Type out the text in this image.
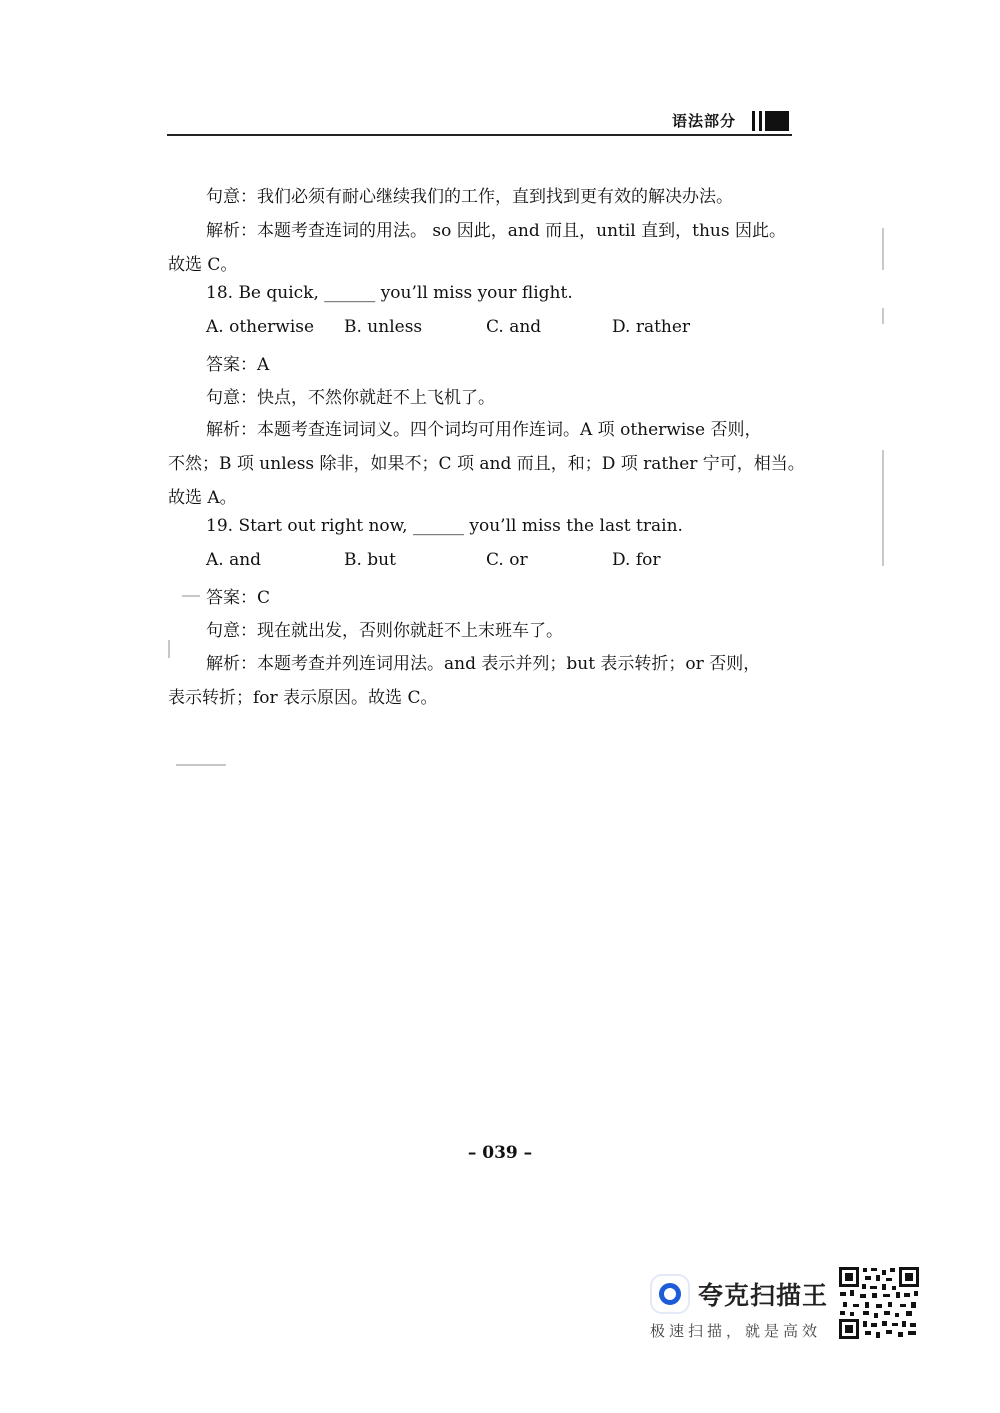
语法部分
句意：我们必须有耐心继续我们的工作，直到找到更有效的解决办法。
解析：本题考查连词的用法。 so 因此，and 而且，until 直到，thus 因此。
故选 C。
18. Be quick, ______ you’ll miss your flight.
A. otherwise B. unless	C. and	D. rather
答案：A
句意：快点，不然你就赶不上飞机了。
解析：本题考查连词词义。四个词均可用作连词。A 项 otherwise 否则，
不然；B 项 unless 除非，如果不；C 项 and 而且，和；D 项 rather 宁可，相当。
故选 A。
19. Start out right now, ______ you’ll miss the last train.
A. and	B. but	C. or	D. for
答案：C
句意：现在就出发，否则你就赶不上末班车了。
解析：本题考查并列连词用法。and 表示并列；but 表示转折；or 否则，
表示转折；for 表示原因。故选 C。
– 039 –
夸克扫描王
极速扫描，就是高效
